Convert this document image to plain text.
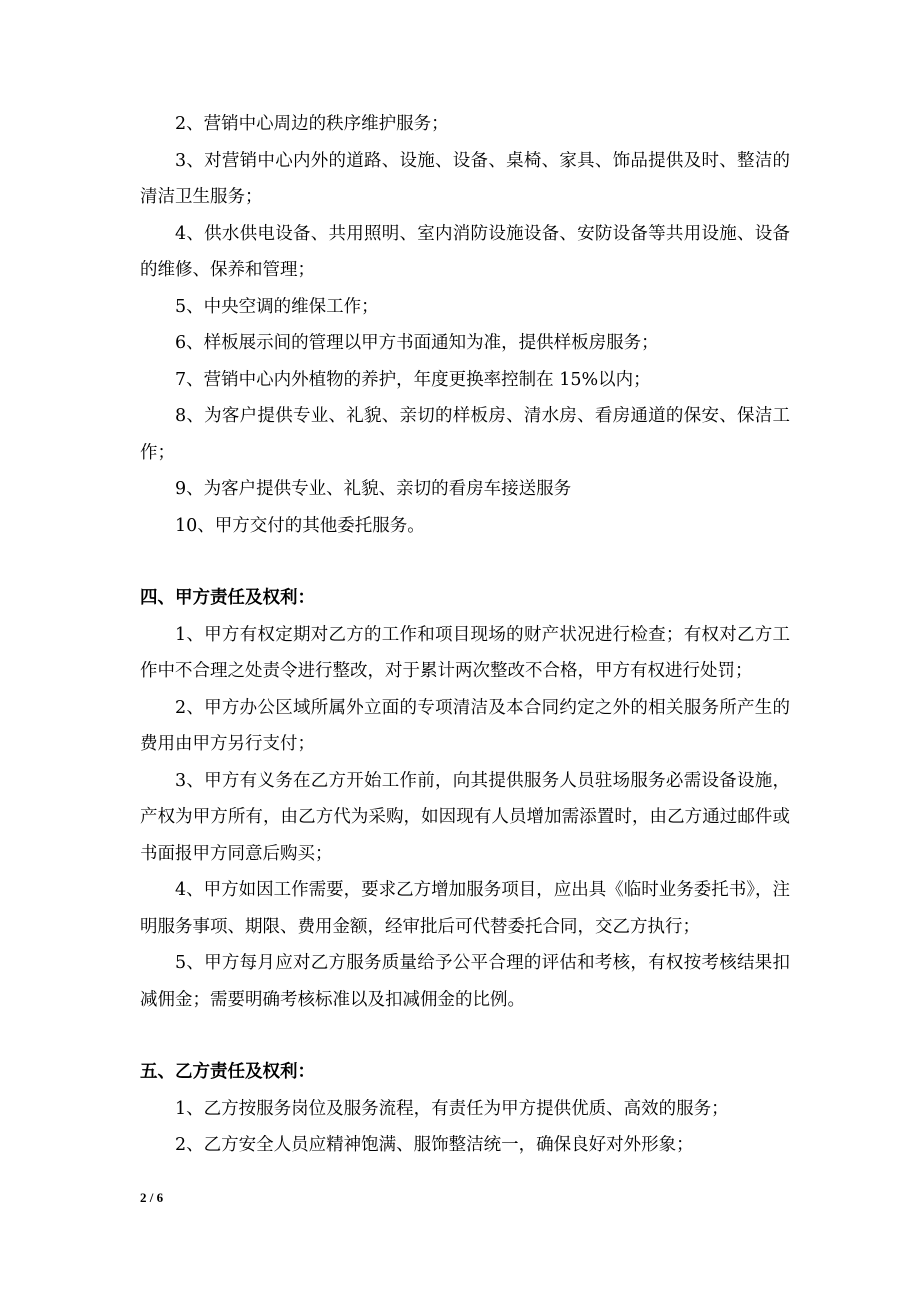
2、营销中心周边的秩序维护服务；

3、对营销中心内外的道路、设施、设备、桌椅、家具、饰品提供及时、整洁的清洁卫生服务；

4、供水供电设备、共用照明、室内消防设施设备、安防设备等共用设施、设备的维修、保养和管理；

5、中央空调的维保工作；

6、样板展示间的管理以甲方书面通知为准，提供样板房服务；

7、营销中心内外植物的养护，年度更换率控制在 15%以内；

8、为客户提供专业、礼貌、亲切的样板房、清水房、看房通道的保安、保洁工作；

9、为客户提供专业、礼貌、亲切的看房车接送服务

10、甲方交付的其他委托服务。

四、甲方责任及权利：

1、甲方有权定期对乙方的工作和项目现场的财产状况进行检查；有权对乙方工作中不合理之处责令进行整改，对于累计两次整改不合格，甲方有权进行处罚；

2、甲方办公区域所属外立面的专项清洁及本合同约定之外的相关服务所产生的费用由甲方另行支付；

3、甲方有义务在乙方开始工作前，向其提供服务人员驻场服务必需设备设施，产权为甲方所有，由乙方代为采购，如因现有人员增加需添置时，由乙方通过邮件或书面报甲方同意后购买；

4、甲方如因工作需要，要求乙方增加服务项目，应出具《临时业务委托书》，注明服务事项、期限、费用金额，经审批后可代替委托合同，交乙方执行；

5、甲方每月应对乙方服务质量给予公平合理的评估和考核，有权按考核结果扣减佣金；需要明确考核标准以及扣减佣金的比例。

五、乙方责任及权利：

1、乙方按服务岗位及服务流程，有责任为甲方提供优质、高效的服务；

2、乙方安全人员应精神饱满、服饰整洁统一，确保良好对外形象；

2 / 6
